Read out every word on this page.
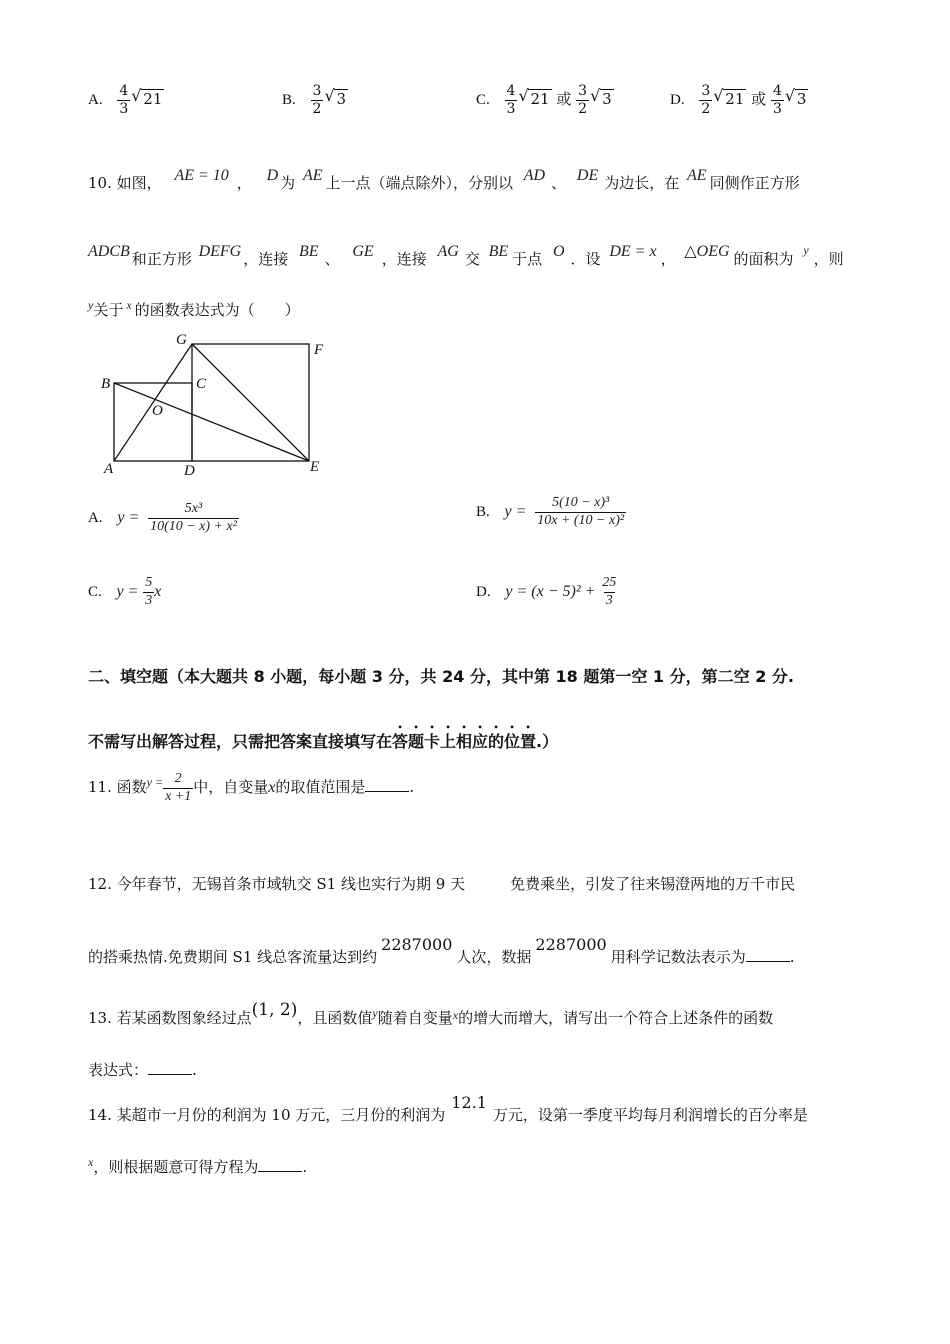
A. $\frac{4}{3}$ √ 21	B. $\frac{3}{2}$ √ 3	C. $\frac{4}{3}$ √ 21 或 $\frac{3}{2}$ √ 3	D. $\frac{3}{2}$ √ 21 或 $\frac{4}{3}$ √ 3
10. 如图， AE = 10 ， D 为 AE 上一点（端点除外），分别以 AD 、 DE 为边长，在 AE 同侧作正方形
ADCB 和正方形 DEFG ，连接 BE 、 GE ，连接 AG 交 BE 于点 O ．设 DE = x ， △OEG 的面积为 $^y$ ，则
$^y$关于 $^x$ 的函数表达式为（　　）
G
F
B	C
O
A	D	E
A. $y = \frac{\text{5x³}}{\text{10(10 − x) + x²}}$	B. $y = \frac{\text{5(10 − x)³}}{\text{10x + (10 − x)²}}$
C. $y = \frac{5}{3}$ x	D. $y = (x - 5)^2 + \frac{25}{3}$
二、填空题（本大题共 8 小题，每小题 3 分，共 24 分，其中第 18 题第一空 1 分，第二空 2 分.
不需写出解答过程，只需把答案直接填写在答题卡上相应的位置.）
11. 函数$^{y =} \frac{2}{x +1}$ 中，自变量x的取值范围是	.
12. 今年春节，无锡首条市域轨交 S1 线也实行为期 9 天　　　免费乘坐，引发了往来锡澄两地的万千市民
的搭乘热情.免费期间 S1 线总客流量达到约2287000人次，数据2287000用科学记数法表示为	.
13. 若某函数图象经过点(1, 2)，且函数值$^y$随着自变量$^x$的增大而增大，请写出一个符合上述条件的函数
表达式：	.
14. 某超市一月份的利润为 10 万元，三月份的利润为12.1万元，设第一季度平均每月利润增长的百分率是
$^x$，则根据题意可得方程为	.
